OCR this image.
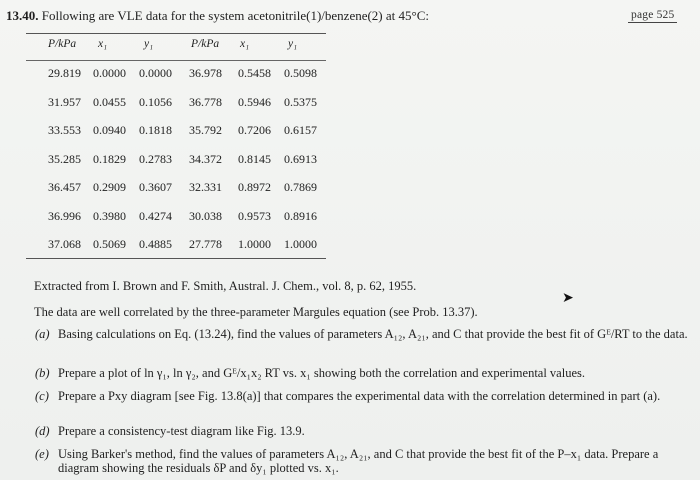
13.40. Following are VLE data for the system acetonitrile(1)/benzene(2) at 45°C:	page 525
P/kPa x₁	y₁	P/kPa x₁	y₁
29.819 0.0000 0.0000 36.978 0.5458 0.5098
31.957 0.0455 0.1056 36.778 0.5946 0.5375
33.553 0.0940 0.1818 35.792 0.7206 0.6157
35.285 0.1829 0.2783 34.372 0.8145 0.6913
36.457 0.2909 0.3607 32.331 0.8972 0.7869
36.996 0.3980 0.4274 30.038 0.9573 0.8916
37.068 0.5069 0.4885 27.778 1.0000 1.0000
Extracted from I. Brown and F. Smith, Austral. J. Chem., vol. 8, p. 62, 1955.
The data are well correlated by the three-parameter Margules equation (see Prob. 13.37).
(a) Basing calculations on Eq. (13.24), find the values of parameters A₁₂, A₂₁, and C that provide the best fit of Gᴱ/RT to the data.
(b) Prepare a plot of ln γ₁, ln γ₂, and Gᴱ/x₁x₂ RT vs. x₁ showing both the correlation and experimental values.
(c) Prepare a Pxy diagram [see Fig. 13.8(a)] that compares the experimental data with the correlation determined in part (a).
(d) Prepare a consistency-test diagram like Fig. 13.9.
(e) Using Barker's method, find the values of parameters A₁₂, A₂₁, and C that provide the best fit of the P–x₁ data. Prepare a diagram showing the residuals δP and δy₁ plotted vs. x₁.
➤
